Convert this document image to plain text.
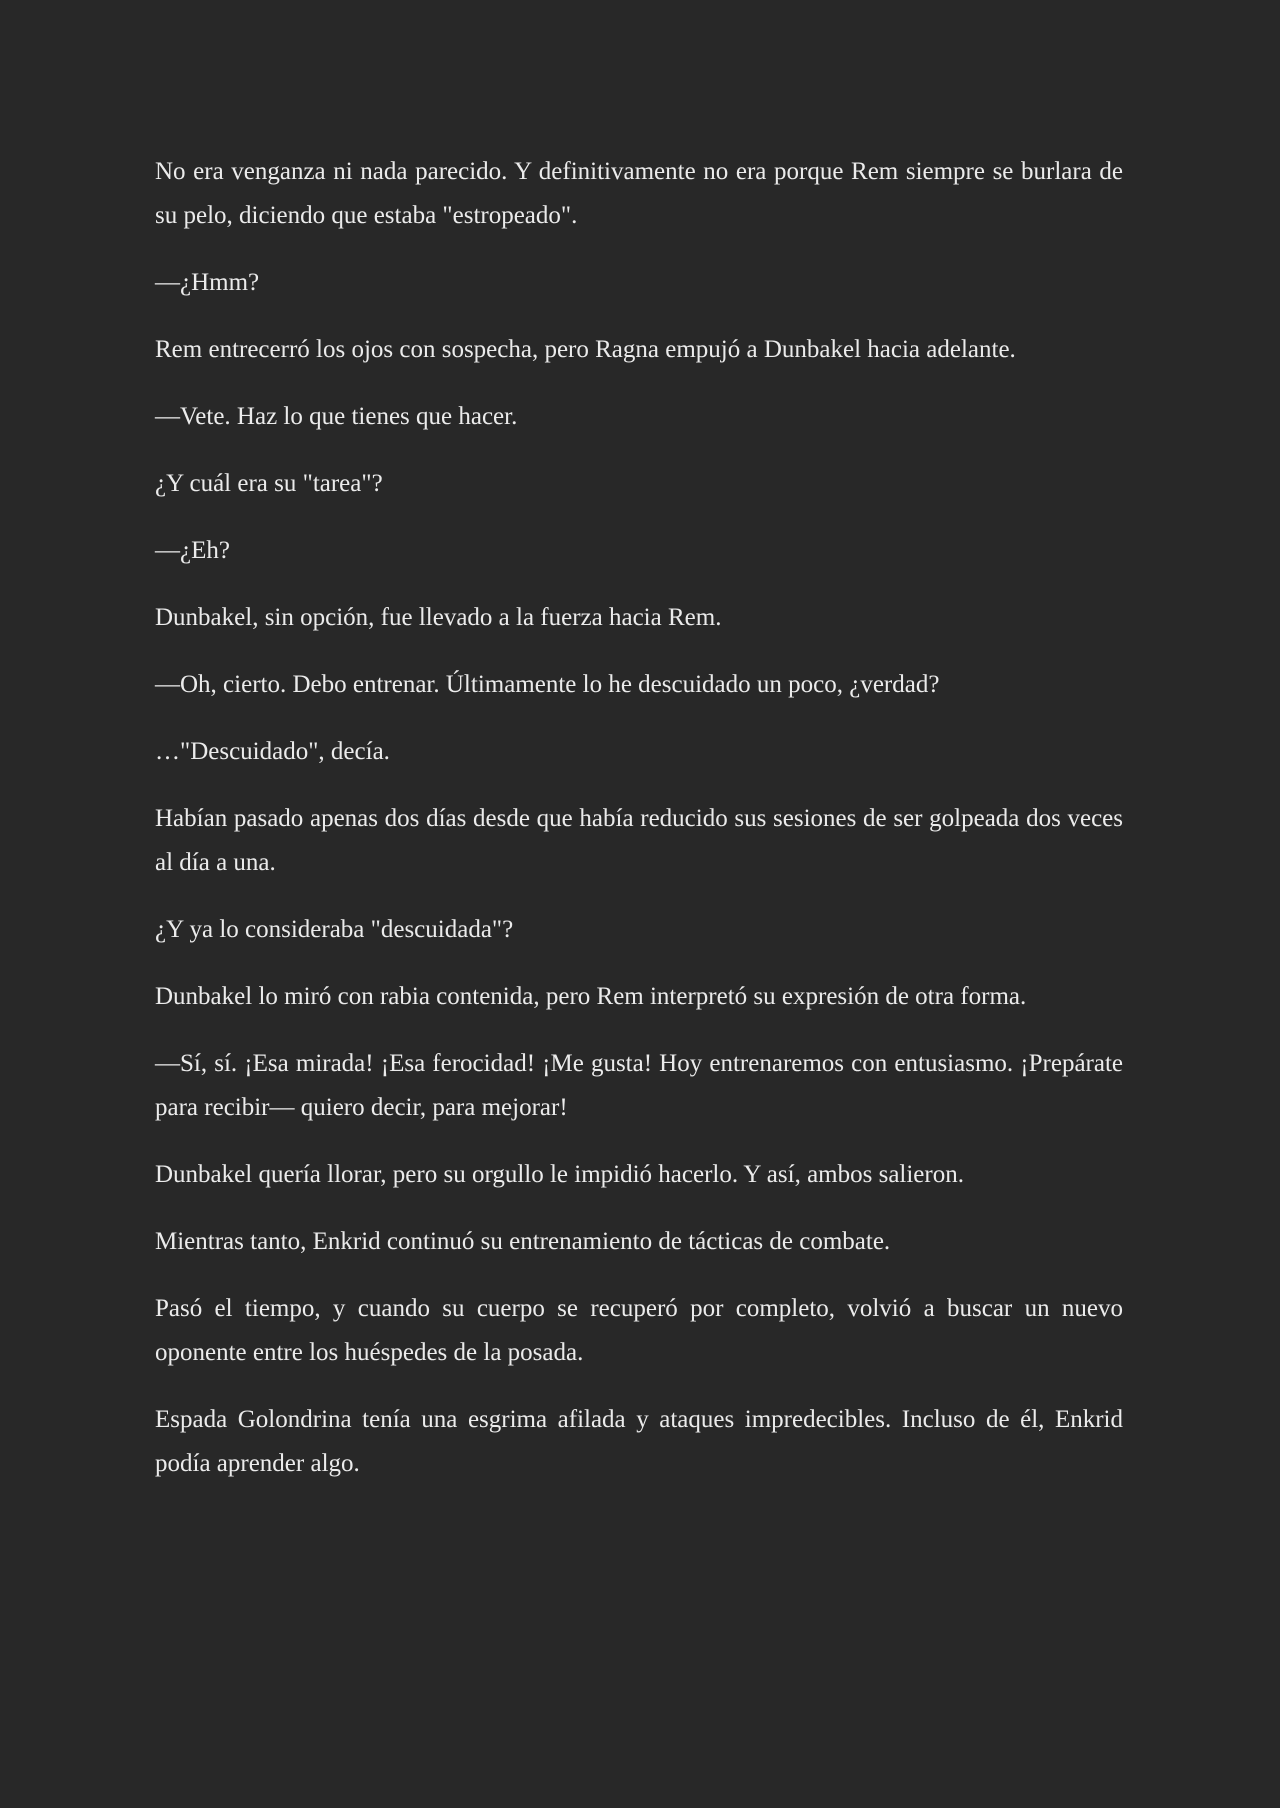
No era venganza ni nada parecido. Y definitivamente no era porque Rem siempre se burlara de su pelo, diciendo que estaba "estropeado".

—¿Hmm?

Rem entrecerró los ojos con sospecha, pero Ragna empujó a Dunbakel hacia adelante.

—Vete. Haz lo que tienes que hacer.

¿Y cuál era su "tarea"?

—¿Eh?

Dunbakel, sin opción, fue llevado a la fuerza hacia Rem.

—Oh, cierto. Debo entrenar. Últimamente lo he descuidado un poco, ¿verdad?

…"Descuidado", decía.

Habían pasado apenas dos días desde que había reducido sus sesiones de ser golpeada dos veces al día a una.

¿Y ya lo consideraba "descuidada"?

Dunbakel lo miró con rabia contenida, pero Rem interpretó su expresión de otra forma.

—Sí, sí. ¡Esa mirada! ¡Esa ferocidad! ¡Me gusta! Hoy entrenaremos con entusiasmo. ¡Prepárate para recibir— quiero decir, para mejorar!

Dunbakel quería llorar, pero su orgullo le impidió hacerlo. Y así, ambos salieron.

Mientras tanto, Enkrid continuó su entrenamiento de tácticas de combate.

Pasó el tiempo, y cuando su cuerpo se recuperó por completo, volvió a buscar un nuevo oponente entre los huéspedes de la posada.

Espada Golondrina tenía una esgrima afilada y ataques impredecibles. Incluso de él, Enkrid podía aprender algo.
